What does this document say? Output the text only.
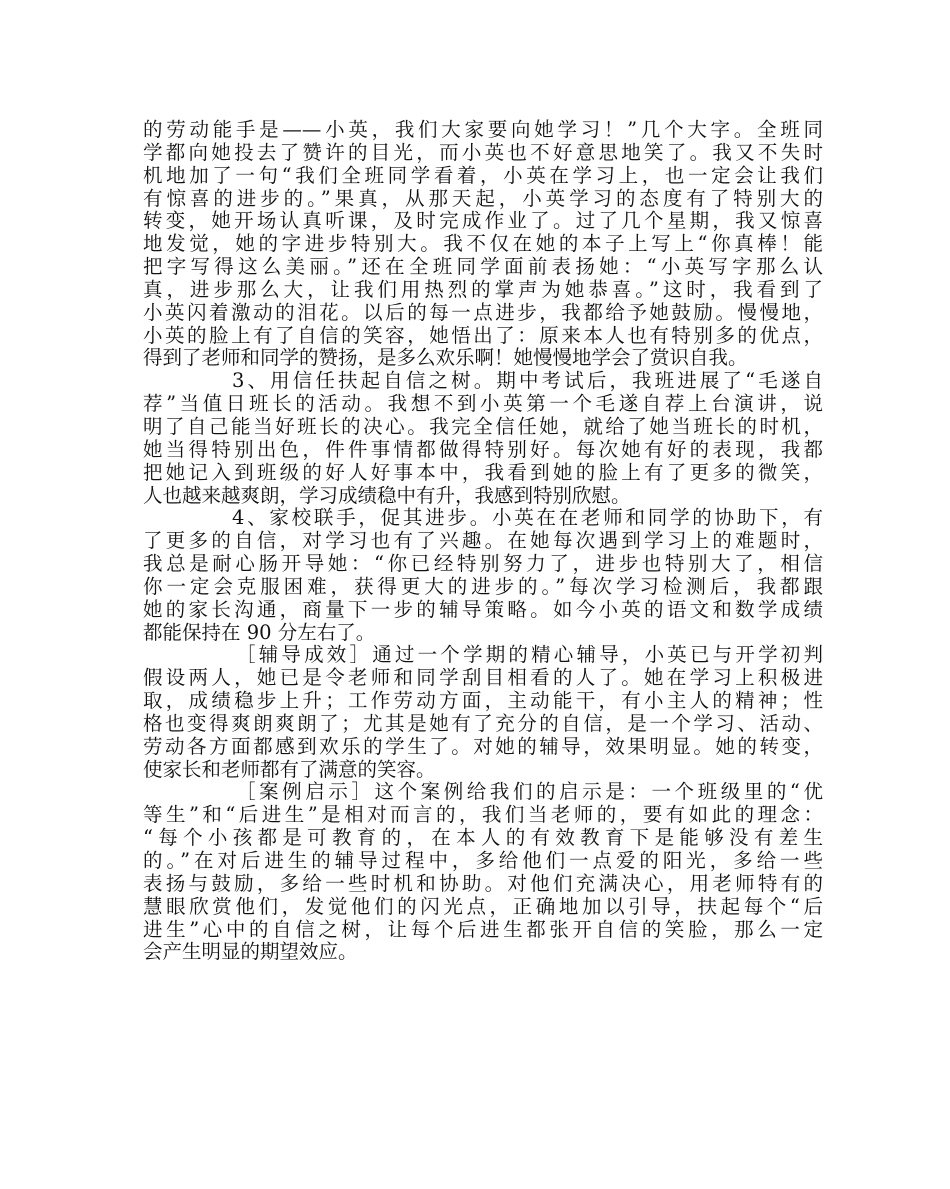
的劳动能手是——小英，我们大家要向她学习！”几个大字。全班同
学都向她投去了赞许的目光，而小英也不好意思地笑了。我又不失时
机地加了一句“我们全班同学看着，小英在学习上，也一定会让我们
有惊喜的进步的。”果真，从那天起，小英学习的态度有了特别大的
转变，她开场认真听课，及时完成作业了。过了几个星期，我又惊喜
地发觉，她的字进步特别大。我不仅在她的本子上写上“你真棒！能
把字写得这么美丽。”还在全班同学面前表扬她：“小英写字那么认
真，进步那么大，让我们用热烈的掌声为她恭喜。”这时，我看到了
小英闪着激动的泪花。以后的每一点进步，我都给予她鼓励。慢慢地，
小英的脸上有了自信的笑容，她悟出了：原来本人也有特别多的优点，
得到了老师和同学的赞扬，是多么欢乐啊！她慢慢地学会了赏识自我。
3、用信任扶起自信之树。期中考试后，我班进展了“毛遂自
荐”当值日班长的活动。我想不到小英第一个毛遂自荐上台演讲，说
明了自己能当好班长的决心。我完全信任她，就给了她当班长的时机，
她当得特别出色，件件事情都做得特别好。每次她有好的表现，我都
把她记入到班级的好人好事本中，我看到她的脸上有了更多的微笑，
人也越来越爽朗，学习成绩稳中有升，我感到特别欣慰。
4、家校联手，促其进步。小英在在老师和同学的协助下，有
了更多的自信，对学习也有了兴趣。在她每次遇到学习上的难题时，
我总是耐心肠开导她：“你已经特别努力了，进步也特别大了，相信
你一定会克服困难，获得更大的进步的。”每次学习检测后，我都跟
她的家长沟通，商量下一步的辅导策略。如今小英的语文和数学成绩
都能保持在 90 分左右了。
［辅导成效］通过一个学期的精心辅导，小英已与开学初判
假设两人，她已是令老师和同学刮目相看的人了。她在学习上积极进
取，成绩稳步上升；工作劳动方面，主动能干，有小主人的精神；性
格也变得爽朗爽朗了；尤其是她有了充分的自信，是一个学习、活动、
劳动各方面都感到欢乐的学生了。对她的辅导，效果明显。她的转变，
使家长和老师都有了满意的笑容。
［案例启示］这个案例给我们的启示是：一个班级里的“优
等生”和“后进生”是相对而言的，我们当老师的，要有如此的理念：
“每个小孩都是可教育的，在本人的有效教育下是能够没有差生
的。”在对后进生的辅导过程中，多给他们一点爱的阳光，多给一些
表扬与鼓励，多给一些时机和协助。对他们充满决心，用老师特有的
慧眼欣赏他们，发觉他们的闪光点，正确地加以引导，扶起每个“后
进生”心中的自信之树，让每个后进生都张开自信的笑脸，那么一定
会产生明显的期望效应。
